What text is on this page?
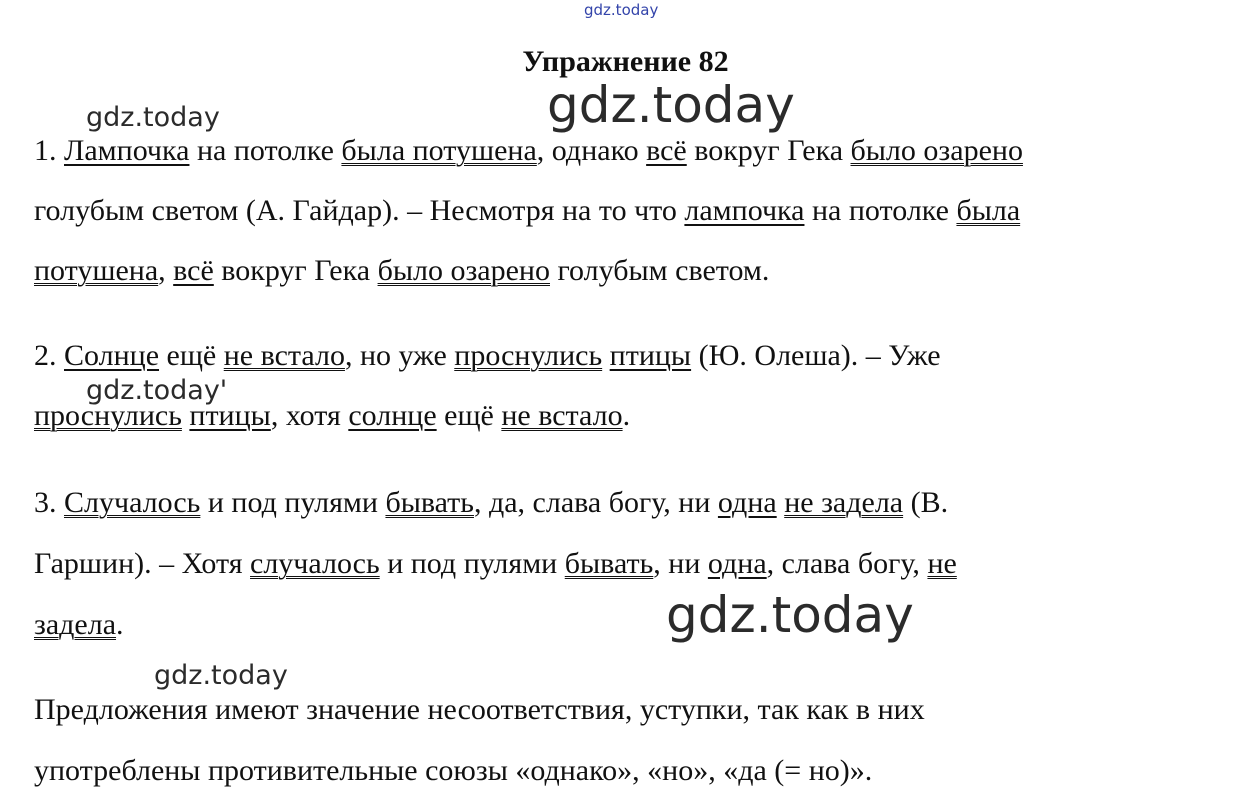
gdz.today
gdz.today
gdz.today
gdz.today'
gdz.today
gdz.today
Упражнение 82
1. Лампочка на потолке была потушена, однако всё вокруг Гека было озарено
голубым светом (А. Гайдар). – Несмотря на то что лампочка на потолке была
потушена, всё вокруг Гека было озарено голубым светом.
2. Солнце ещё не встало, но уже проснулись птицы (Ю. Олеша). – Уже
проснулись птицы, хотя солнце ещё не встало.
3. Случалось и под пулями бывать, да, слава богу, ни одна не задела (В.
Гаршин). – Хотя случалось и под пулями бывать, ни одна, слава богу, не
задела.
Предложения имеют значение несоответствия, уступки, так как в них
употреблены противительные союзы «однако», «но», «да (= но)».
